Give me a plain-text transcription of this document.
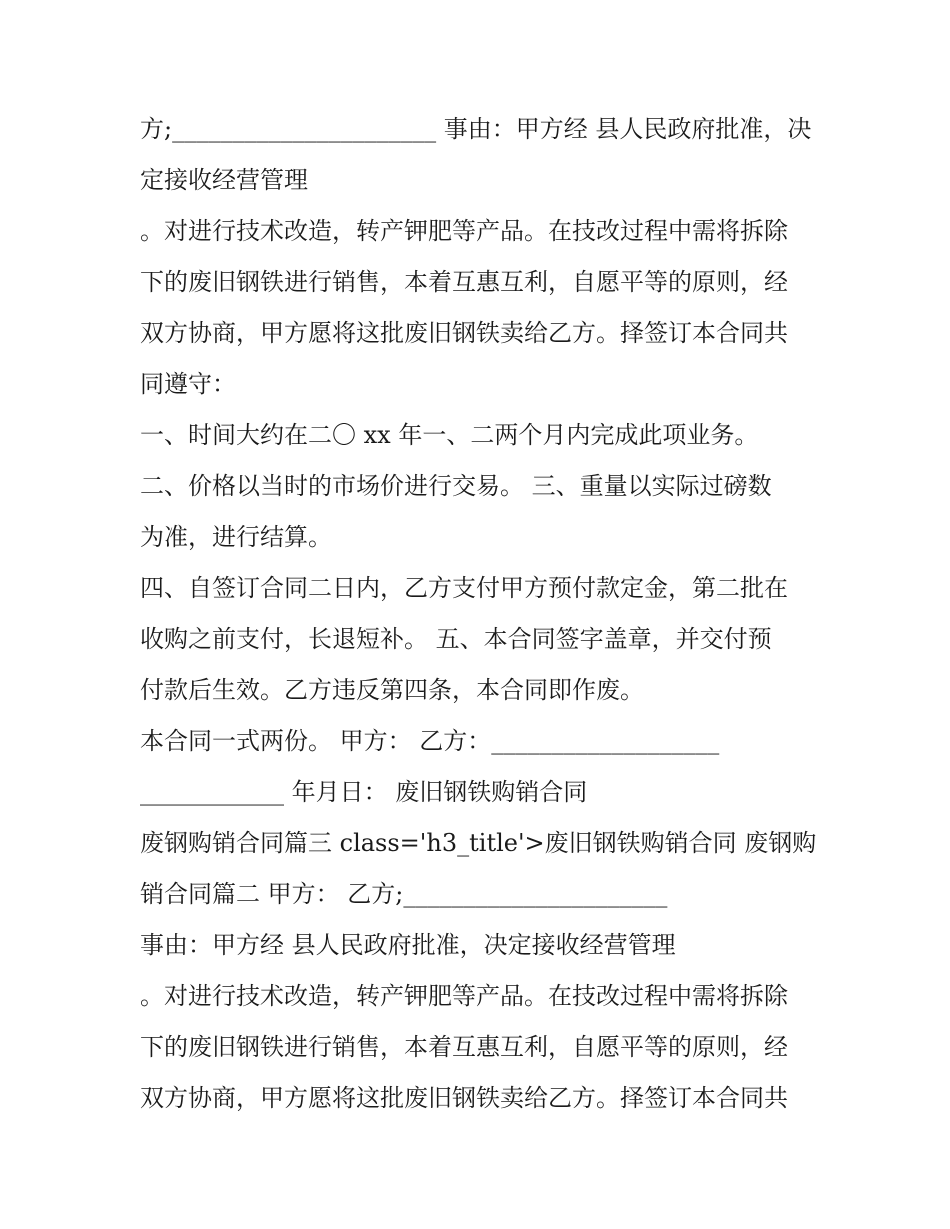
方;______________________ 事由：甲方经 县人民政府批准，决
定接收经营管理
。对进行技术改造，转产钾肥等产品。在技改过程中需将拆除
下的废旧钢铁进行销售，本着互惠互利，自愿平等的原则，经
双方协商，甲方愿将这批废旧钢铁卖给乙方。择签订本合同共
同遵守：
一、时间大约在二〇 xx 年一、二两个月内完成此项业务。
二、价格以当时的市场价进行交易。 三、重量以实际过磅数
为准，进行结算。
四、自签订合同二日内，乙方支付甲方预付款定金，第二批在
收购之前支付，长退短补。 五、本合同签字盖章，并交付预
付款后生效。乙方违反第四条，本合同即作废。
本合同一式两份。 甲方： 乙方：___________________
____________ 年月日： 废旧钢铁购销合同
废钢购销合同篇三 class='h3_title'>废旧钢铁购销合同 废钢购
销合同篇二 甲方： 乙方;______________________
事由：甲方经 县人民政府批准，决定接收经营管理
。对进行技术改造，转产钾肥等产品。在技改过程中需将拆除
下的废旧钢铁进行销售，本着互惠互利，自愿平等的原则，经
双方协商，甲方愿将这批废旧钢铁卖给乙方。择签订本合同共
